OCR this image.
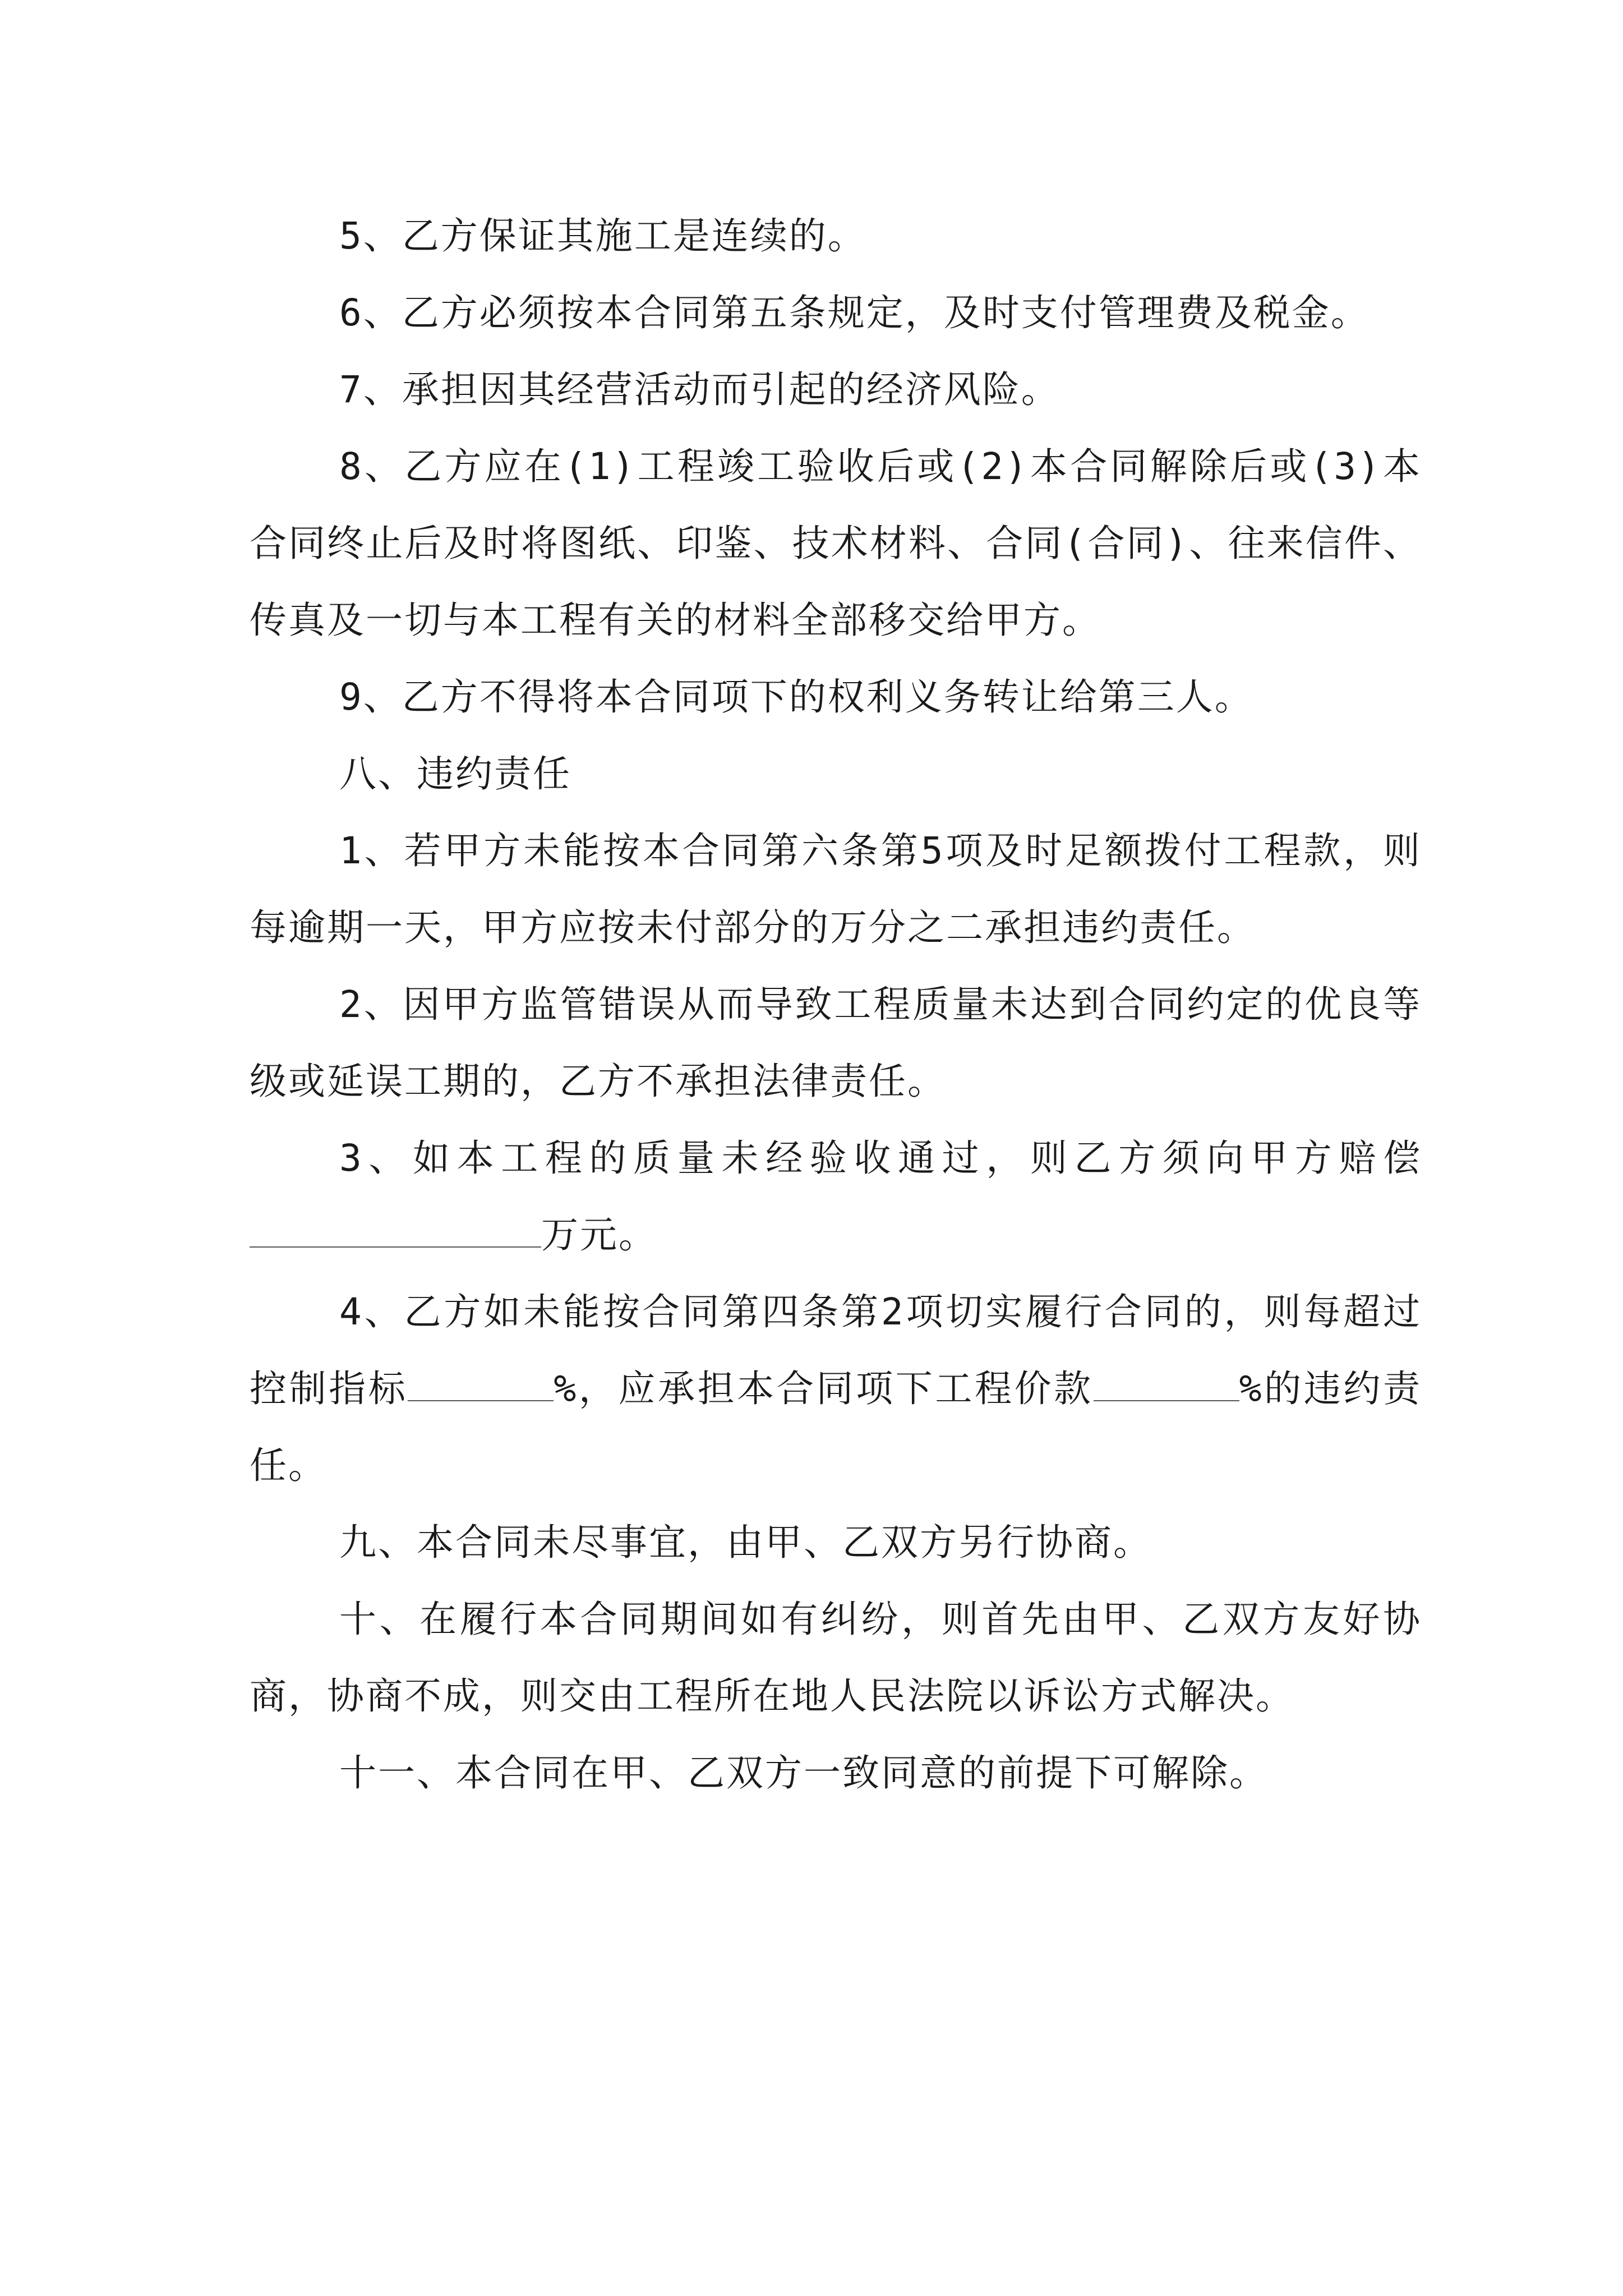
5、乙方保证其施工是连续的。

6、乙方必须按本合同第五条规定，及时支付管理费及税金。

7、承担因其经营活动而引起的经济风险。

8、乙方应在(1)工程竣工验收后或(2)本合同解除后或(3)本合同终止后及时将图纸、印鉴、技术材料、合同(合同)、往来信件、传真及一切与本工程有关的材料全部移交给甲方。

9、乙方不得将本合同项下的权利义务转让给第三人。

八、违约责任

1、若甲方未能按本合同第六条第5项及时足额拨付工程款，则每逾期一天，甲方应按未付部分的万分之二承担违约责任。

2、因甲方监管错误从而导致工程质量未达到合同约定的优良等级或延误工期的，乙方不承担法律责任。

3、如本工程的质量未经验收通过，则乙方须向甲方赔偿万元。

4、乙方如未能按合同第四条第2项切实履行合同的，则每超过控制指标	%，应承担本合同项下工程价款	%的违约责任。

九、本合同未尽事宜，由甲、乙双方另行协商。

十、在履行本合同期间如有纠纷，则首先由甲、乙双方友好协商，协商不成，则交由工程所在地人民法院以诉讼方式解决。

十一、本合同在甲、乙双方一致同意的前提下可解除。
